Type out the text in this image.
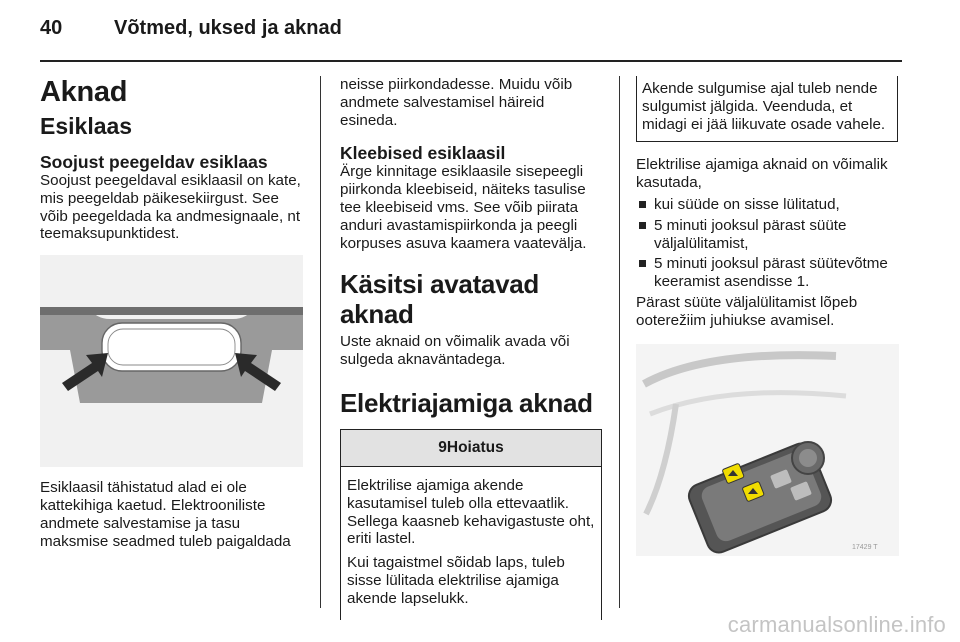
40	Võtmed, uksed ja aknad
Aknad
Esiklaas
Soojust peegeldav esiklaas

Soojust peegeldaval esiklaasil on kate, mis peegeldab päikesekiirgust. See võib peegeldada ka andmesignaale, nt teemaksupunktidest.

Esiklaasil tähistatud alad ei ole kattekihiga kaetud. Elektrooniliste andmete salvestamise ja tasu maksmise seadmed tuleb paigaldada

neisse piirkondadesse. Muidu võib andmete salvestamisel häireid esineda.

Kleebised esiklaasil

Ärge kinnitage esiklaasile sisepeegli piirkonda kleebiseid, näiteks tasulise tee kleebiseid vms. See võib piirata anduri avastamispiirkonda ja peegli korpuses asuva kaamera vaatevälja.

Käsitsi avatavad aknad

Uste aknaid on võimalik avada või sulgeda aknaväntadega.

Elektriajamiga aknad
9Hoiatus

Elektrilise ajamiga akende kasutamisel tuleb olla ettevaatlik. Sellega kaasneb kehavigastuste oht, eriti lastel.

Kui tagaistmel sõidab laps, tuleb sisse lülitada elektrilise ajamiga akende lapselukk.

Akende sulgumise ajal tuleb nende sulgumist jälgida. Veenduda, et midagi ei jää liikuvate osade vahele.

Elektrilise ajamiga aknaid on võimalik kasutada,

kui süüde on sisse lülitatud,
5 minuti jooksul pärast süüte väljalülitamist,
5 minuti jooksul pärast süütevõtme keeramist asendisse 1.

Pärast süüte väljalülitamist lõpeb ooterežiim juhiukse avamisel.

17429 T
carmanualsonline.info
